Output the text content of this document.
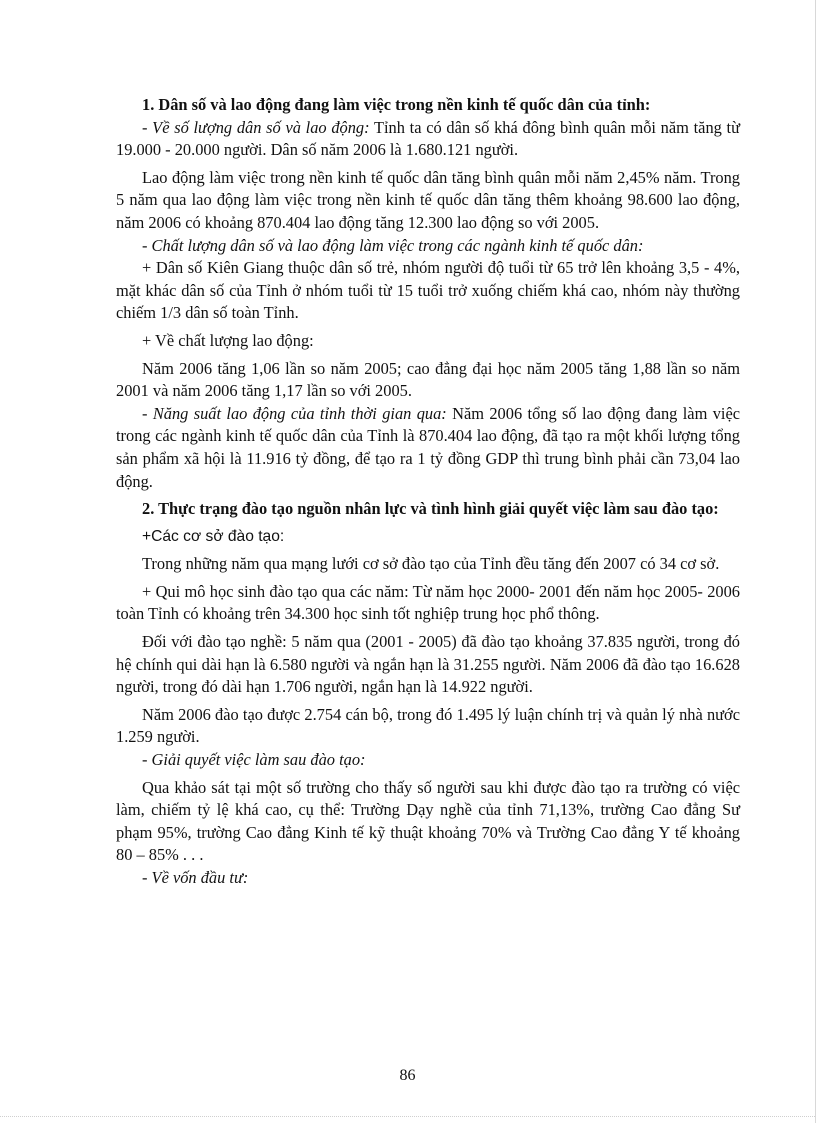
1. Dân số và lao động đang làm việc trong nền kinh tế quốc dân của tỉnh:

- Về số lượng dân số và lao động: Tỉnh ta có dân số khá đông bình quân mỗi năm tăng từ 19.000 - 20.000 người. Dân số năm 2006 là 1.680.121 người.

Lao động làm việc trong nền kinh tế quốc dân tăng bình quân mỗi năm 2,45% năm. Trong 5 năm qua lao động làm việc trong nền kinh tế quốc dân tăng thêm khoảng 98.600 lao động, năm 2006 có khoảng 870.404 lao động tăng 12.300 lao động so với 2005.

- Chất lượng dân số và lao động làm việc trong các ngành kinh tế quốc dân:

+ Dân số Kiên Giang thuộc dân số trẻ, nhóm người độ tuổi từ 65 trở lên khoảng 3,5 - 4%, mặt khác dân số của Tỉnh ở nhóm tuổi từ 15 tuổi trở xuống chiếm khá cao, nhóm này thường chiếm 1/3 dân số toàn Tỉnh.

+ Về chất lượng lao động:

Năm 2006 tăng 1,06 lần so năm 2005; cao đẳng đại học năm 2005 tăng 1,88 lần so năm 2001 và năm 2006 tăng 1,17 lần so với 2005.

- Năng suất lao động của tỉnh thời gian qua: Năm 2006 tổng số lao động đang làm việc trong các ngành kinh tế quốc dân của Tỉnh là 870.404 lao động, đã tạo ra một khối lượng tổng sản phẩm xã hội là 11.916 tỷ đồng, để tạo ra 1 tỷ đồng GDP thì trung bình phải cần 73,04 lao động.

2. Thực trạng đào tạo nguồn nhân lực và tình hình giải quyết việc làm sau đào tạo:

+Các cơ sở đào tạo:

Trong những năm qua mạng lưới cơ sở đào tạo của Tỉnh đều tăng đến 2007 có 34 cơ sở.

+ Qui mô học sinh đào tạo qua các năm: Từ năm học 2000- 2001 đến năm học 2005- 2006 toàn Tỉnh có khoảng trên 34.300 học sinh tốt nghiệp trung học phổ thông.

Đối với đào tạo nghề: 5 năm qua (2001 - 2005) đã đào tạo khoảng 37.835 người, trong đó hệ chính qui dài hạn là 6.580 người và ngắn hạn là 31.255 người. Năm 2006 đã đào tạo 16.628 người, trong đó dài hạn 1.706 người, ngắn hạn là 14.922 người.

Năm 2006 đào tạo được 2.754 cán bộ, trong đó 1.495 lý luận chính trị và quản lý nhà nước 1.259 người.

- Giải quyết việc làm sau đào tạo:

Qua khảo sát tại một số trường cho thấy số người sau khi được đào tạo ra trường có việc làm, chiếm tỷ lệ khá cao, cụ thể: Trường Dạy nghề của tỉnh 71,13%, trường Cao đẳng Sư phạm 95%, trường Cao đẳng Kinh tế kỹ thuật khoảng 70% và Trường Cao đẳng Y tế khoảng 80 – 85% . . .

- Về vốn đầu tư:

86
